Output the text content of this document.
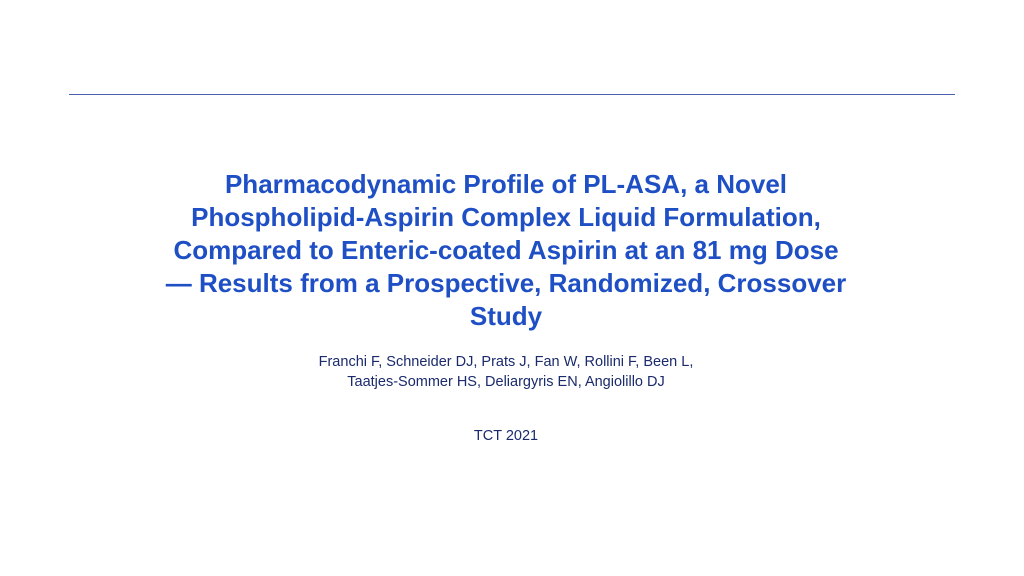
Pharmacodynamic Profile of PL-ASA, a Novel
Phospholipid-Aspirin Complex Liquid Formulation,
Compared to Enteric-coated Aspirin at an 81 mg Dose
— Results from a Prospective, Randomized, Crossover
Study

Franchi F, Schneider DJ, Prats J, Fan W, Rollini F, Been L,
Taatjes-Sommer HS, Deliargyris EN, Angiolillo DJ

TCT 2021
